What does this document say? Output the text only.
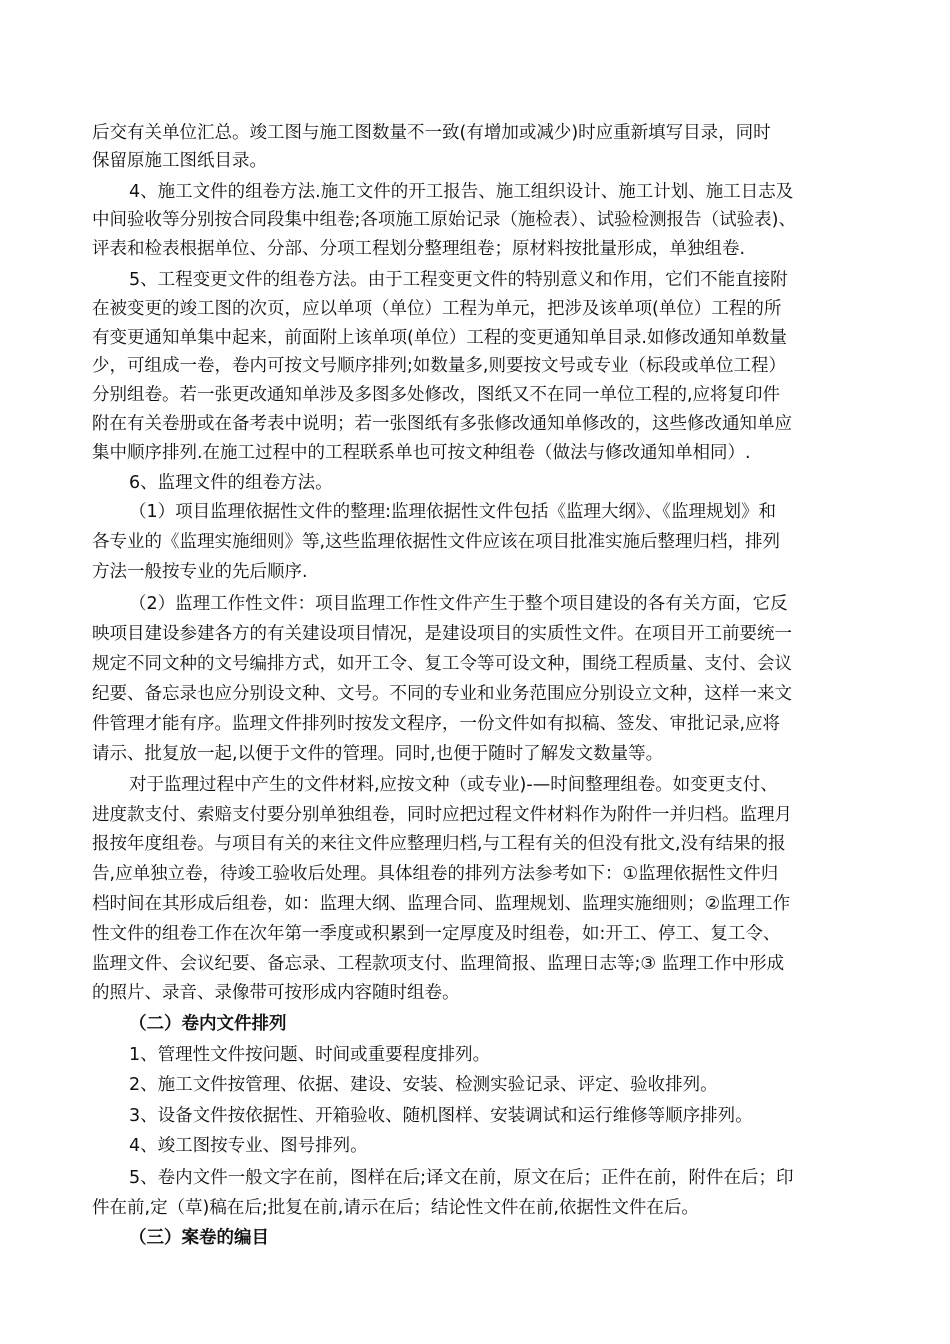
后交有关单位汇总。竣工图与施工图数量不一致(有增加或减少)时应重新填写目录，同时
保留原施工图纸目录。
4、施工文件的组卷方法.施工文件的开工报告、施工组织设计、施工计划、施工日志及
中间验收等分别按合同段集中组卷;各项施工原始记录（施检表）、试验检测报告（试验表)、
评表和检表根据单位、分部、分项工程划分整理组卷；原材料按批量形成，单独组卷.
5、工程变更文件的组卷方法。由于工程变更文件的特别意义和作用，它们不能直接附
在被变更的竣工图的次页，应以单项（单位）工程为单元，把涉及该单项(单位）工程的所
有变更通知单集中起来，前面附上该单项(单位）工程的变更通知单目录.如修改通知单数量
少，可组成一卷，卷内可按文号顺序排列;如数量多,则要按文号或专业（标段或单位工程）
分别组卷。若一张更改通知单涉及多图多处修改，图纸又不在同一单位工程的,应将复印件
附在有关卷册或在备考表中说明；若一张图纸有多张修改通知单修改的，这些修改通知单应
集中顺序排列.在施工过程中的工程联系单也可按文种组卷（做法与修改通知单相同）.
6、监理文件的组卷方法。
（1）项目监理依据性文件的整理:监理依据性文件包括《监理大纲》、《监理规划》和
各专业的《监理实施细则》等,这些监理依据性文件应该在项目批准实施后整理归档，排列
方法一般按专业的先后顺序.
（2）监理工作性文件：项目监理工作性文件产生于整个项目建设的各有关方面，它反
映项目建设参建各方的有关建设项目情况，是建设项目的实质性文件。在项目开工前要统一
规定不同文种的文号编排方式，如开工令、复工令等可设文种，围绕工程质量、支付、会议
纪要、备忘录也应分别设文种、文号。不同的专业和业务范围应分别设立文种，这样一来文
件管理才能有序。监理文件排列时按发文程序，一份文件如有拟稿、签发、审批记录,应将
请示、批复放一起,以便于文件的管理。同时,也便于随时了解发文数量等。
对于监理过程中产生的文件材料,应按文种（或专业)-—时间整理组卷。如变更支付、
进度款支付、索赔支付要分别单独组卷，同时应把过程文件材料作为附件一并归档。监理月
报按年度组卷。与项目有关的来往文件应整理归档,与工程有关的但没有批文,没有结果的报
告,应单独立卷，待竣工验收后处理。具体组卷的排列方法参考如下：①监理依据性文件归
档时间在其形成后组卷，如：监理大纲、监理合同、监理规划、监理实施细则；②监理工作
性文件的组卷工作在次年第一季度或积累到一定厚度及时组卷，如:开工、停工、复工令、
监理文件、会议纪要、备忘录、工程款项支付、监理简报、监理日志等;③ 监理工作中形成
的照片、录音、录像带可按形成内容随时组卷。
（二）卷内文件排列
1、管理性文件按问题、时间或重要程度排列。
2、施工文件按管理、依据、建设、安装、检测实验记录、评定、验收排列。
3、设备文件按依据性、开箱验收、随机图样、安装调试和运行维修等顺序排列。
4、竣工图按专业、图号排列。
5、卷内文件一般文字在前，图样在后;译文在前，原文在后；正件在前，附件在后；印
件在前,定（草)稿在后;批复在前,请示在后；结论性文件在前,依据性文件在后。
（三）案卷的编目
